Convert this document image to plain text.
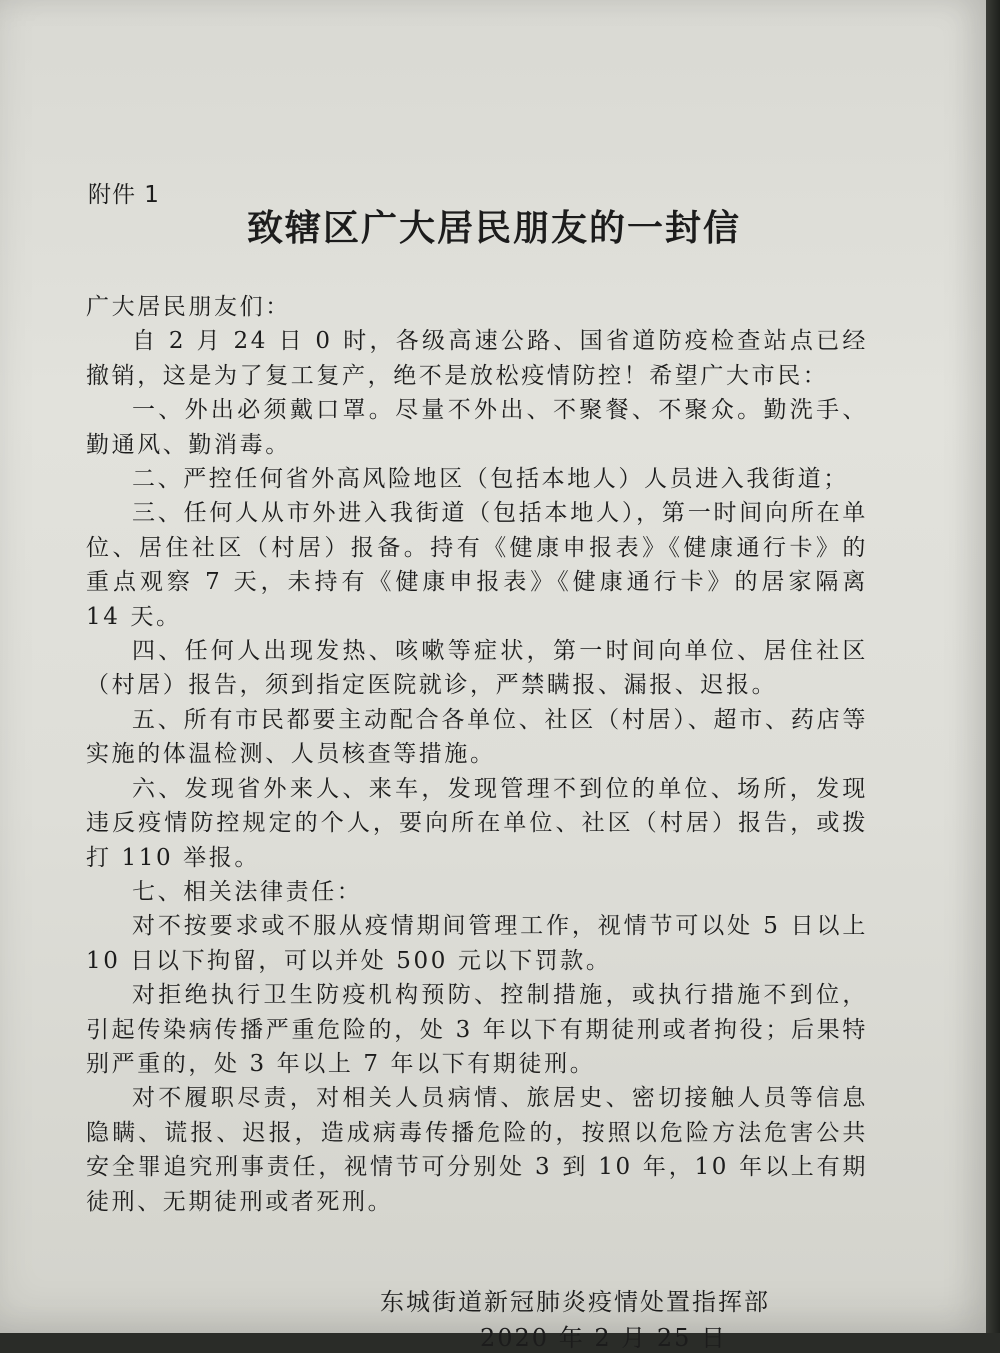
附件 1
致辖区广大居民朋友的一封信

广大居民朋友们：

自 2 月 24 日 0 时，各级高速公路、国省道防疫检查站点已经撤销，这是为了复工复产，绝不是放松疫情防控！希望广大市民：

一、外出必须戴口罩。尽量不外出、不聚餐、不聚众。勤洗手、勤通风、勤消毒。

二、严控任何省外高风险地区（包括本地人）人员进入我街道；

三、任何人从市外进入我街道（包括本地人），第一时间向所在单位、居住社区（村居）报备。持有《健康申报表》《健康通行卡》的重点观察 7 天，未持有《健康申报表》《健康通行卡》的居家隔离 14 天。

四、任何人出现发热、咳嗽等症状，第一时间向单位、居住社区（村居）报告，须到指定医院就诊，严禁瞒报、漏报、迟报。

五、所有市民都要主动配合各单位、社区（村居）、超市、药店等实施的体温检测、人员核查等措施。

六、发现省外来人、来车，发现管理不到位的单位、场所，发现违反疫情防控规定的个人，要向所在单位、社区（村居）报告，或拨打 110 举报。

七、相关法律责任：

对不按要求或不服从疫情期间管理工作，视情节可以处 5 日以上 10 日以下拘留，可以并处 500 元以下罚款。

对拒绝执行卫生防疫机构预防、控制措施，或执行措施不到位，引起传染病传播严重危险的，处 3 年以下有期徒刑或者拘役；后果特别严重的，处 3 年以上 7 年以下有期徒刑。

对不履职尽责，对相关人员病情、旅居史、密切接触人员等信息隐瞒、谎报、迟报，造成病毒传播危险的，按照以危险方法危害公共安全罪追究刑事责任，视情节可分别处 3 到 10 年，10 年以上有期徒刑、无期徒刑或者死刑。

东城街道新冠肺炎疫情处置指挥部
2020 年 2 月 25 日
